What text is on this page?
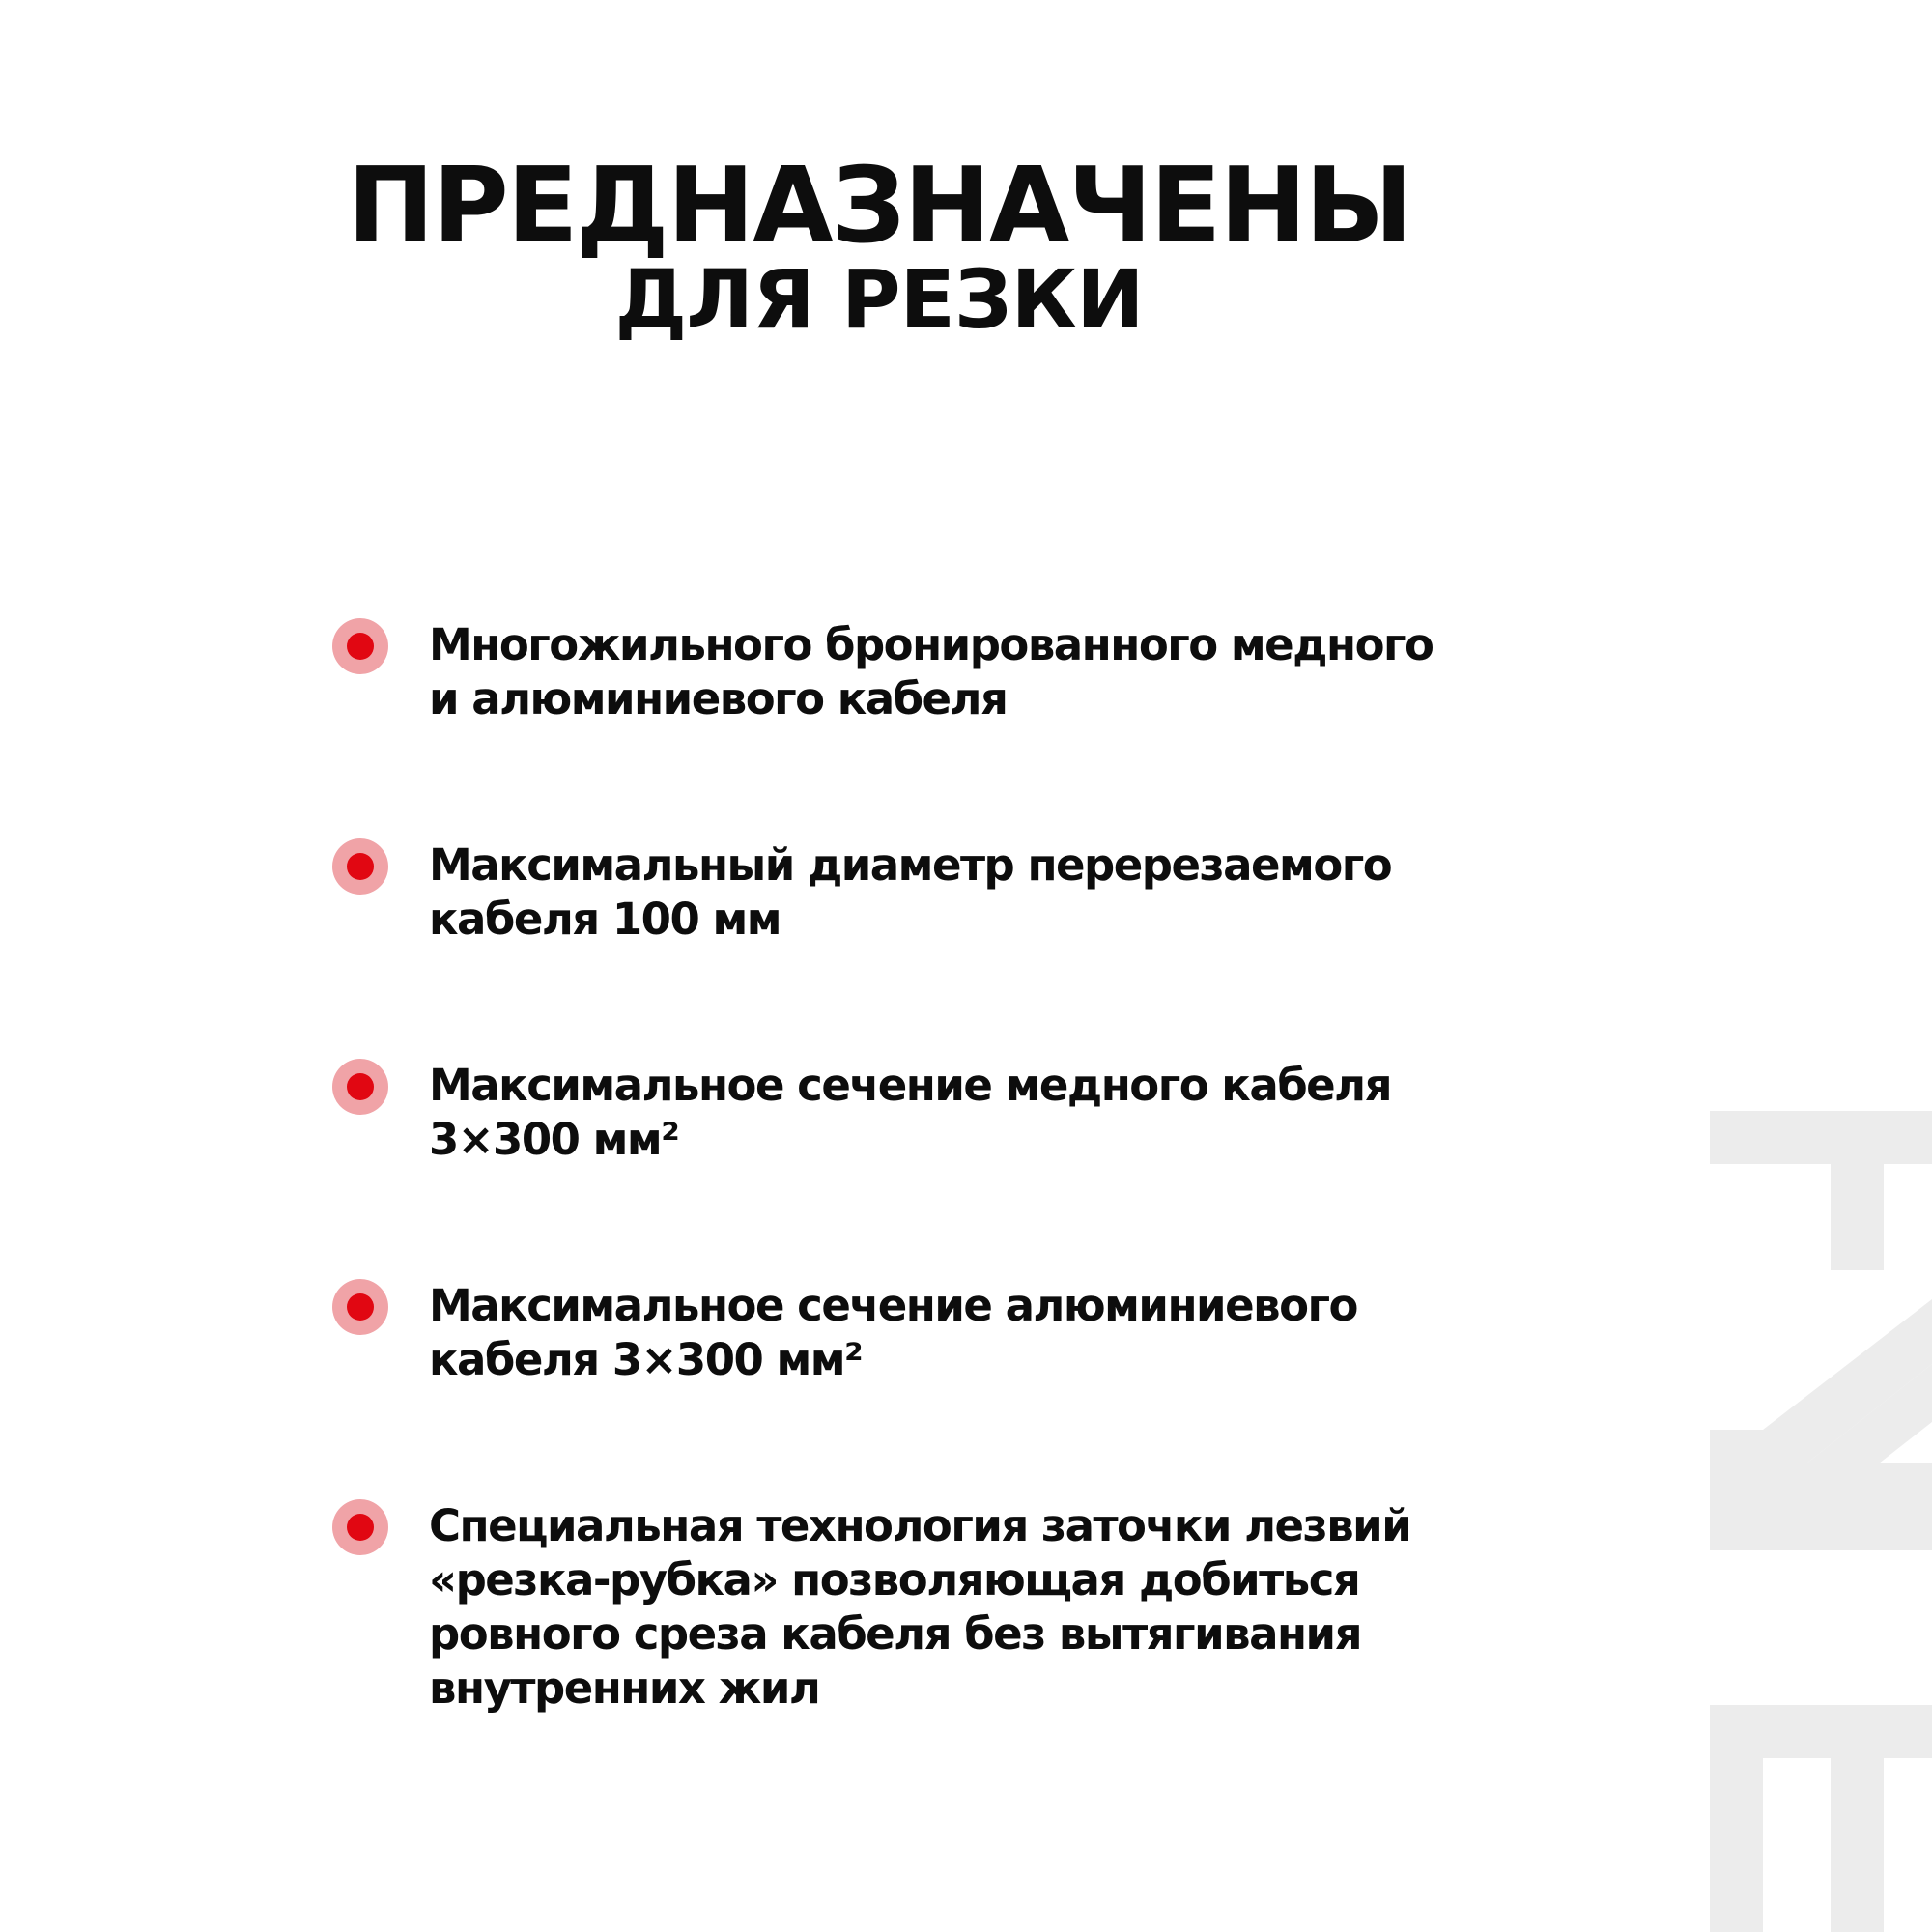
ПРЕДНАЗНАЧЕНЫ
ДЛЯ РЕЗКИ

Многожильного бронированного медного
и алюминиевого кабеля

Максимальный диаметр перерезаемого
кабеля 100 мм

Максимальное сечение медного кабеля
3×300 мм²

Максимальное сечение алюминиевого
кабеля 3×300 мм²

Специальная технология заточки лезвий
«резка-рубка» позволяющая добиться
ровного среза кабеля без вытягивания
внутренних жил
